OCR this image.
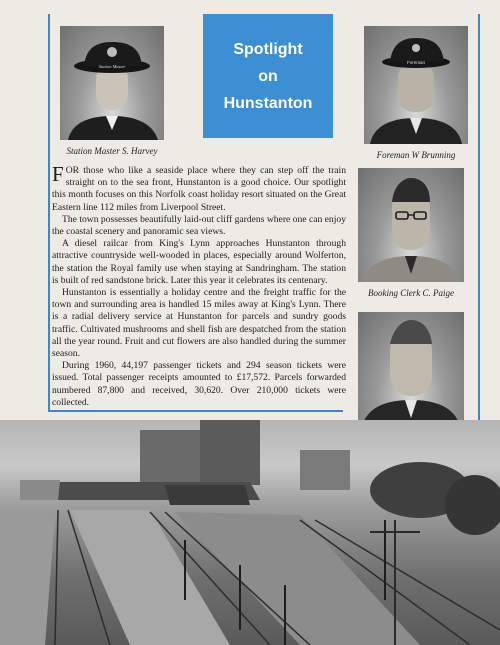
Spotlight
on
Hunstanton
Station Master
Station Master S. Harvey
Foreman
Foreman W Brunning
Booking Clerk C. Paige

FOR those who like a seaside place where they can step off the train straight on to the sea front, Hunstanton is a good choice. Our spotlight this month focuses on this Norfolk coast holiday resort situated on the Great Eastern line 112 miles from Liverpool Street.

The town possesses beautifully laid-out cliff gardens where one can enjoy the coastal scenery and panoramic sea views.

A diesel railcar from King's Lynn approaches Hunstanton through attractive countryside well-wooded in places, especially around Wolferton, the station the Royal family use when staying at Sandringham. The station is built of red sandstone brick. Later this year it celebrates its centenary.

Hunstanton is essentially a holiday centre and the freight traffic for the town and surrounding area is handled 15 miles away at King's Lynn. There is a radial delivery service at Hunstanton for parcels and sundry goods traffic. Cultivated mushrooms and shell fish are despatched from the station all the year round. Fruit and cut flowers are also handled during the summer season.

During 1960, 44,197 passenger tickets and 294 season tickets were issued. Total passenger receipts amounted to £17,572. Parcels forwarded numbered 87,800 and received, 30,620. Over 210,000 tickets were collected.
